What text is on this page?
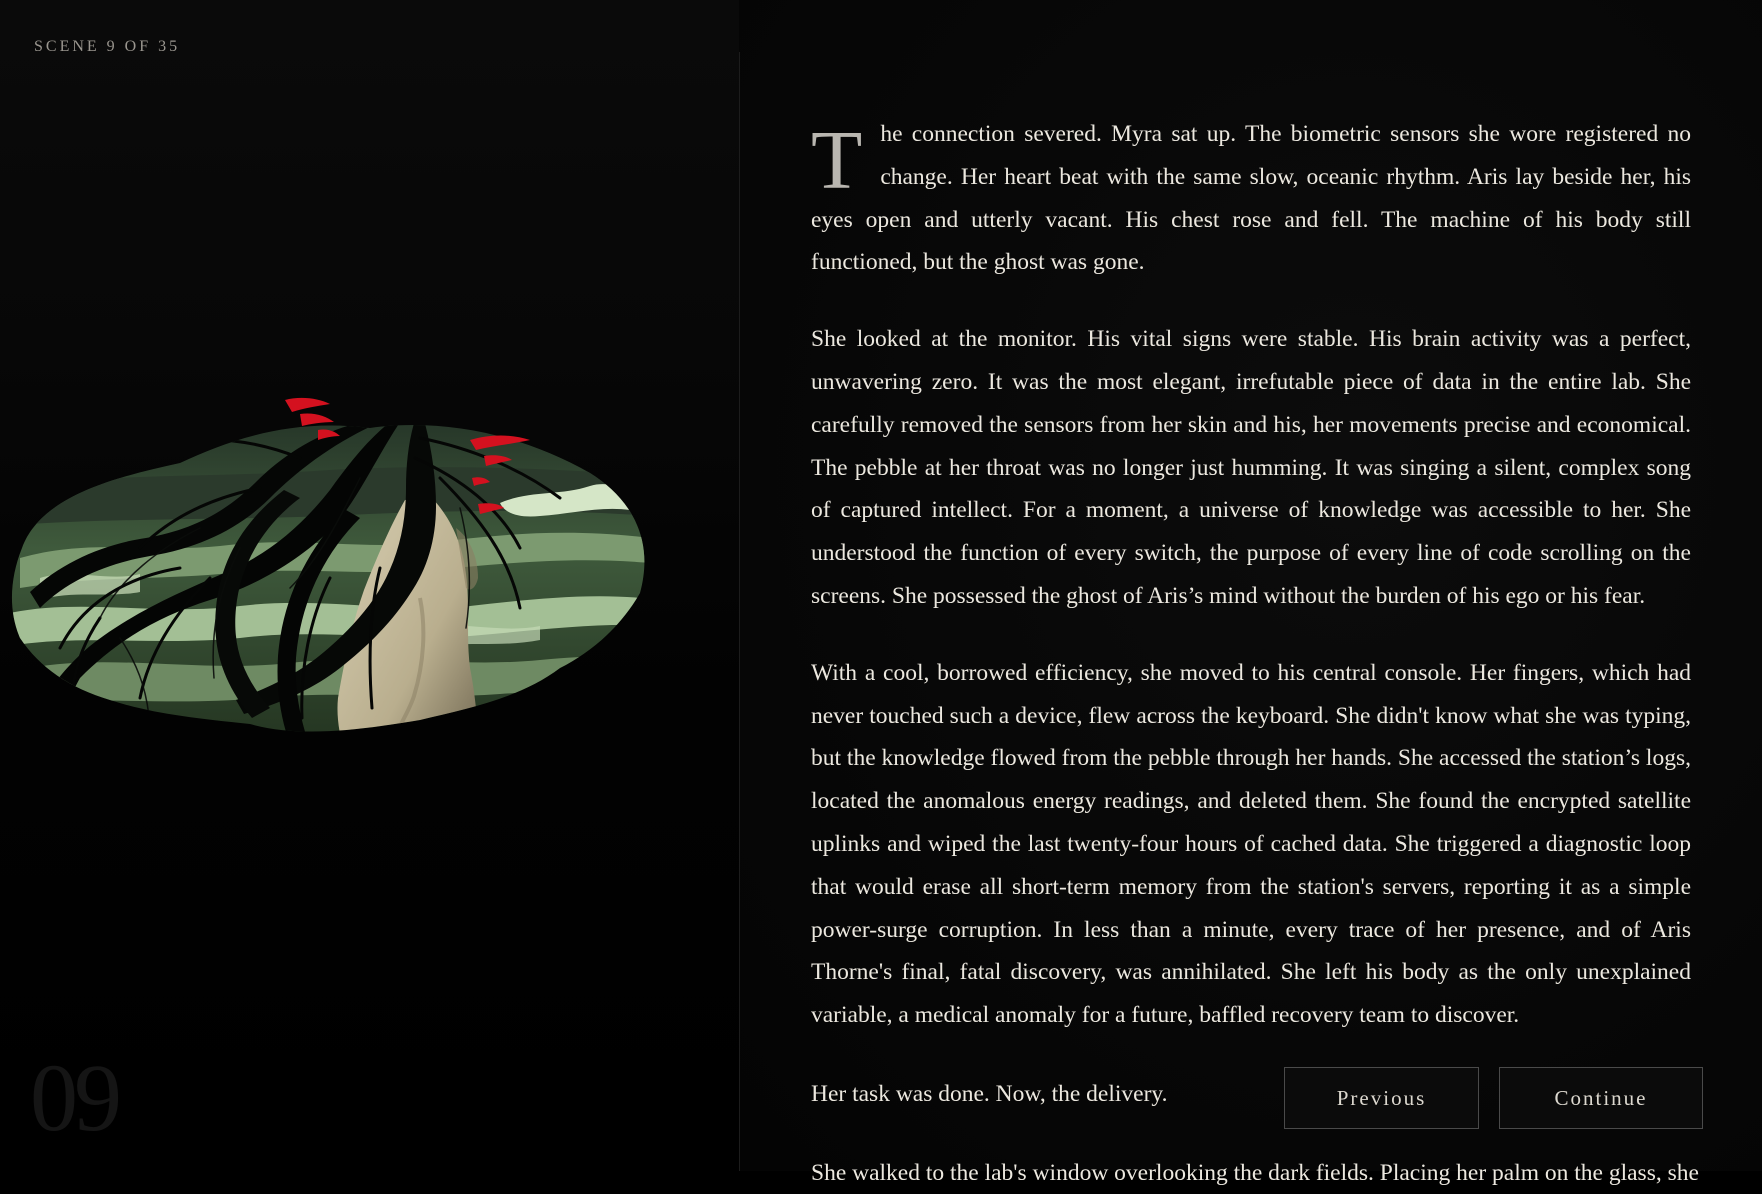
SCENE 9 OF 35
09

The connection severed. Myra sat up. The biometric sensors she wore registered no change. Her heart beat with the same slow, oceanic rhythm. Aris lay beside her, his eyes open and utterly vacant. His chest rose and fell. The machine of his body still functioned, but the ghost was gone.

She looked at the monitor. His vital signs were stable. His brain activity was a perfect, unwavering zero. It was the most elegant, irrefutable piece of data in the entire lab. She carefully removed the sensors from her skin and his, her movements precise and economical. The pebble at her throat was no longer just humming. It was singing a silent, complex song of captured intellect. For a moment, a universe of knowledge was accessible to her. She understood the function of every switch, the purpose of every line of code scrolling on the screens. She possessed the ghost of Aris’s mind without the burden of his ego or his fear.

With a cool, borrowed efficiency, she moved to his central console. Her fingers, which had never touched such a device, flew across the keyboard. She didn't know what she was typing, but the knowledge flowed from the pebble through her hands. She accessed the station’s logs, located the anomalous energy readings, and deleted them. She found the encrypted satellite uplinks and wiped the last twenty-four hours of cached data. She triggered a diagnostic loop that would erase all short-term memory from the station's servers, reporting it as a simple power-surge corruption. In less than a minute, every trace of her presence, and of Aris Thorne's final, fatal discovery, was annihilated. She left his body as the only unexplained variable, a medical anomaly for a future, baffled recovery team to discover.

Her task was done. Now, the delivery.
She walked to the lab's window overlooking the dark fields. Placing her palm on the glass, she
Previous	Continue
